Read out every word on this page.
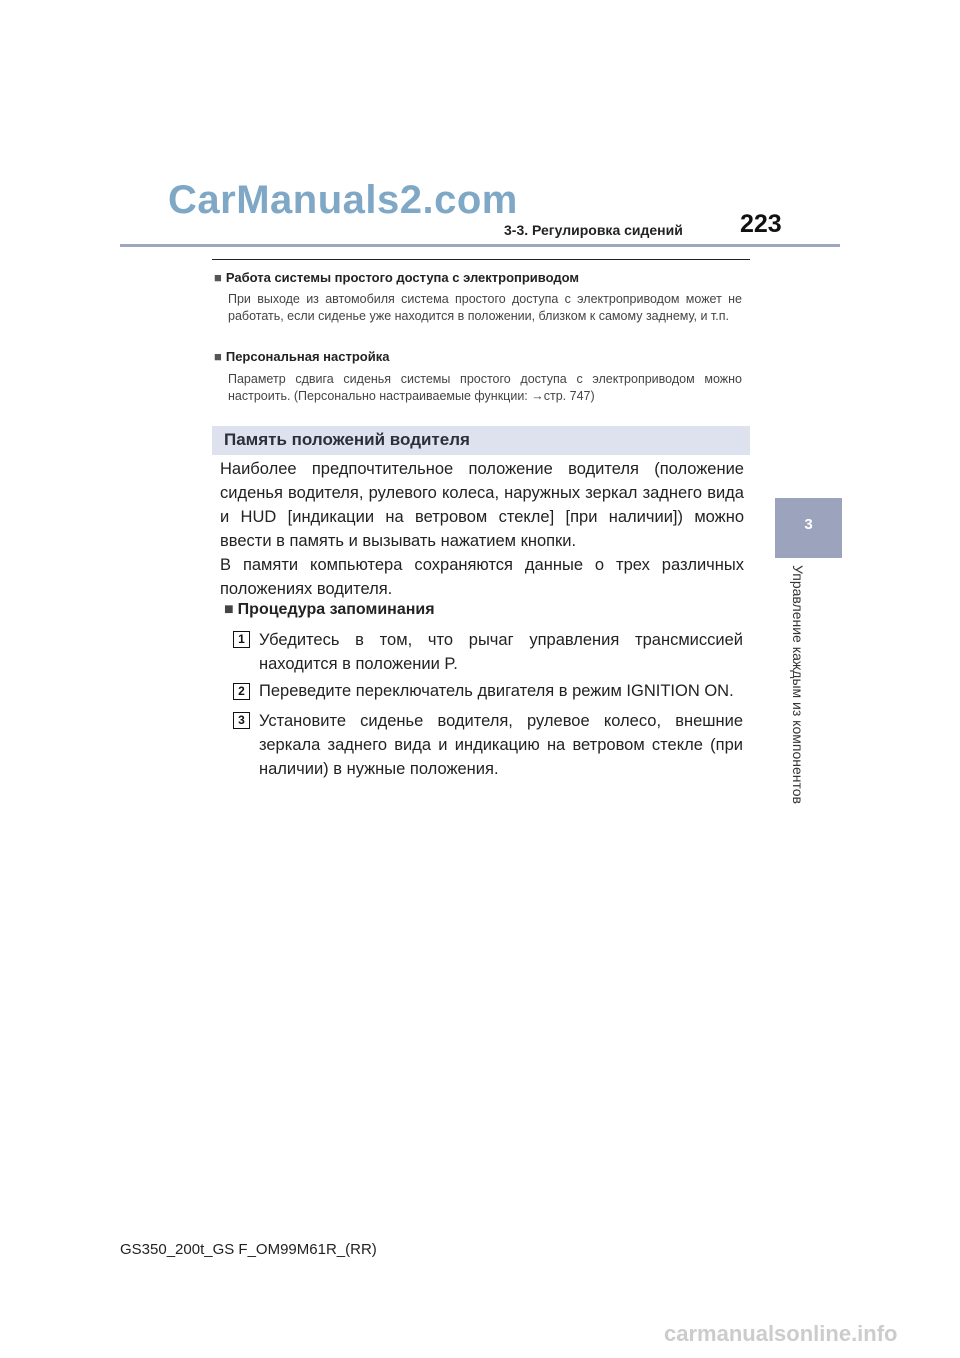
CarManuals2.com
3-3. Регулировка сидений 223
3
Управление каждым из компонентов
■ Работа системы простого доступа с электроприводом
При выходе из автомобиля система простого доступа с электроприводом может не работать, если сиденье уже находится в положении, близком к самому заднему, и т.п.
■ Персональная настройка
Параметр сдвига сиденья системы простого доступа с электроприводом можно настроить. (Персонально настраиваемые функции: →стр. 747)
Память положений водителя
Наиболее предпочтительное положение водителя (положение сиденья водителя, рулевого колеса, наружных зеркал заднего вида и HUD [индикации на ветровом стекле] [при наличии]) можно ввести в память и вызывать нажатием кнопки.
В памяти компьютера сохраняются данные о трех различных положениях водителя.
■ Процедура запоминания
1 Убедитесь в том, что рычаг управления трансмиссией находится в положении P.
2 Переведите переключатель двигателя в режим IGNITION ON.
3 Установите сиденье водителя, рулевое колесо, внешние зеркала заднего вида и индикацию на ветровом стекле (при наличии) в нужные положения.
GS350_200t_GS F_OM99M61R_(RR)
carmanualsonline.info
